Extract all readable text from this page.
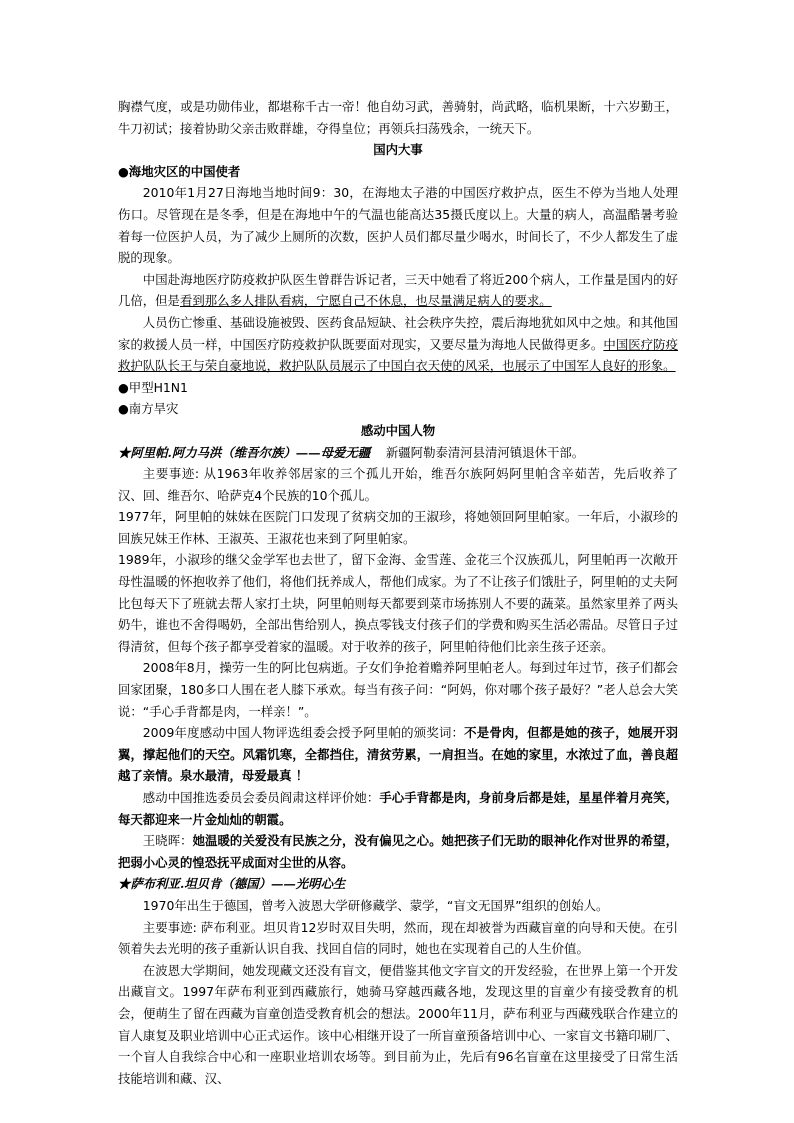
胸襟气度，或是功勋伟业，都堪称千古一帝！他自幼习武，善骑射，尚武略，临机果断，十六岁勤王，牛刀初试；接着协助父亲击败群雄，夺得皇位；再领兵扫荡残余，一统天下。

国内大事

●海地灾区的中国使者

2010年1月27日海地当地时间9：30，在海地太子港的中国医疗救护点，医生不停为当地人处理伤口。尽管现在是冬季，但是在海地中午的气温也能高达35摄氏度以上。大量的病人，高温酷暑考验着每一位医护人员，为了减少上厕所的次数，医护人员们都尽量少喝水，时间长了，不少人都发生了虚脱的现象。

中国赴海地医疗防疫救护队医生曾群告诉记者，三天中她看了将近200个病人，工作量是国内的好几倍，但是看到那么多人排队看病，宁愿自己不休息，也尽量满足病人的要求。

人员伤亡惨重、基础设施被毁、医药食品短缺、社会秩序失控，震后海地犹如风中之烛。和其他国家的救援人员一样，中国医疗防疫救护队既要面对现实，又要尽量为海地人民做得更多。中国医疗防疫救护队队长王与荣自豪地说，救护队队员展示了中国白衣天使的风采，也展示了中国军人良好的形象。

●甲型H1N1

●南方旱灾

感动中国人物

★阿里帕.阿力马洪（维吾尔族）——母爱无疆 新疆阿勒泰清河县清河镇退休干部。

主要事迹: 从1963年收养邻居家的三个孤儿开始，维吾尔族阿妈阿里帕含辛茹苦，先后收养了汉、回、维吾尔、哈萨克4个民族的10个孤儿。

1977年，阿里帕的妹妹在医院门口发现了贫病交加的王淑珍，将她领回阿里帕家。一年后，小淑珍的回族兄妹王作林、王淑英、王淑花也来到了阿里帕家。

1989年，小淑珍的继父金学军也去世了，留下金海、金雪莲、金花三个汉族孤儿，阿里帕再一次敞开母性温暖的怀抱收养了他们，将他们抚养成人，帮他们成家。为了不让孩子们饿肚子，阿里帕的丈夫阿比包每天下了班就去帮人家打土块，阿里帕则每天都要到菜市场拣别人不要的蔬菜。虽然家里养了两头奶牛，谁也不舍得喝奶，全部出售给别人，换点零钱支付孩子们的学费和购买生活必需品。尽管日子过得清贫，但每个孩子都享受着家的温暖。对于收养的孩子，阿里帕待他们比亲生孩子还亲。

2008年8月，操劳一生的阿比包病逝。子女们争抢着赡养阿里帕老人。每到过年过节，孩子们都会回家团聚，180多口人围在老人膝下承欢。每当有孩子问：“阿妈，你对哪个孩子最好？”老人总会大笑说：“手心手背都是肉，一样亲！”。

2009年度感动中国人物评选组委会授予阿里帕的颁奖词：不是骨肉，但都是她的孩子，她展开羽翼，撑起他们的天空。风霜饥寒，全都挡住，清贫劳累，一肩担当。在她的家里，水浓过了血，善良超越了亲情。泉水最清，母爱最真 ！

感动中国推选委员会委员阎肃这样评价她：手心手背都是肉，身前身后都是娃，星星伴着月亮笑，每天都迎来一片金灿灿的朝霞。

王晓晖：她温暖的关爱没有民族之分，没有偏见之心。她把孩子们无助的眼神化作对世界的希望，把弱小心灵的惶恐抚平成面对尘世的从容。

★萨布利亚.坦贝肯（德国）——光明心生

1970年出生于德国，曾考入波恩大学研修藏学、蒙学，“盲文无国界”组织的创始人。

主要事迹: 萨布利亚。坦贝肯12岁时双目失明，然而，现在却被誉为西藏盲童的向导和天使。在引领着失去光明的孩子重新认识自我、找回自信的同时，她也在实现着自己的人生价值。

在波恩大学期间，她发现藏文还没有盲文，便借鉴其他文字盲文的开发经验，在世界上第一个开发出藏盲文。1997年萨布利亚到西藏旅行，她骑马穿越西藏各地，发现这里的盲童少有接受教育的机会，便萌生了留在西藏为盲童创造受教育机会的想法。2000年11月，萨布利亚与西藏残联合作建立的盲人康复及职业培训中心正式运作。该中心相继开设了一所盲童预备培训中心、一家盲文书籍印刷厂、一个盲人自我综合中心和一座职业培训农场等。到目前为止，先后有96名盲童在这里接受了日常生活技能培训和藏、汉、
